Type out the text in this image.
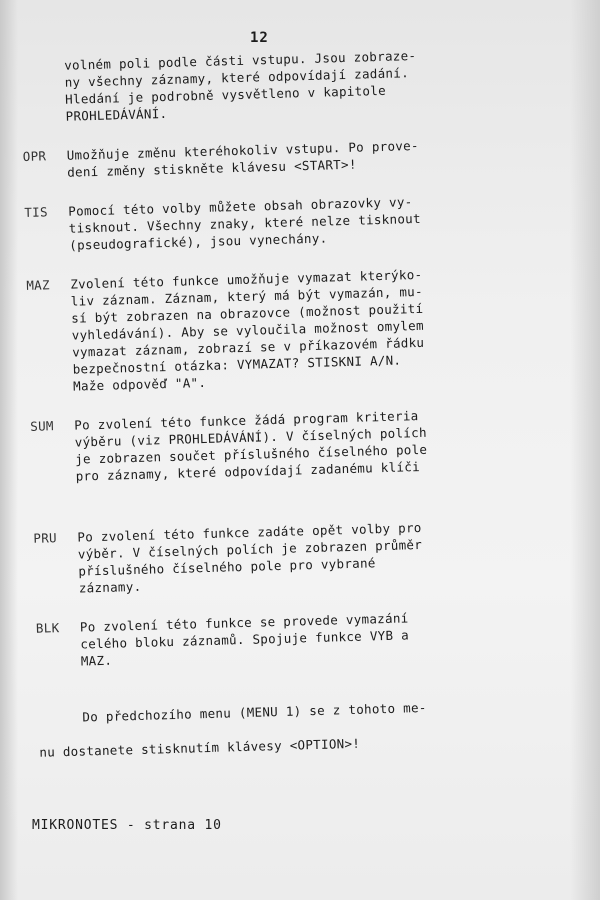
12
volném poli podle části vstupu. Jsou zobraze-
ny všechny záznamy, které odpovídají zadání.
Hledání je podrobně vysvětleno v kapitole
PROHLEDÁVÁNÍ.
OPR	Umožňuje změnu kteréhokoliv vstupu. Po prove-
dení změny stiskněte klávesu <START>!
TIS	Pomocí této volby můžete obsah obrazovky vy-
tisknout. Všechny znaky, které nelze tisknout
(pseudografické), jsou vynechány.
MAZ	Zvolení této funkce umožňuje vymazat kterýko-
liv záznam. Záznam, který má být vymazán, mu-
sí být zobrazen na obrazovce (možnost použití
vyhledávání). Aby se vyloučila možnost omylem
vymazat záznam, zobrazí se v příkazovém řádku
bezpečnostní otázka: VYMAZAT? STISKNI A/N.
Maže odpověď "A".
SUM	Po zvolení této funkce žádá program kriteria
výběru (viz PROHLEDÁVÁNÍ). V číselných polích
je zobrazen součet příslušného číselného pole
pro záznamy, které odpovídají zadanému klíči
PRU	Po zvolení této funkce zadáte opět volby pro
výběr. V číselných polích je zobrazen průměr
příslušného číselného pole pro vybrané
záznamy.
BLK	Po zvolení této funkce se provede vymazání
celého bloku záznamů. Spojuje funkce VYB a
MAZ.

Do předchozího menu (MENU 1) se z tohoto me-

nu dostanete stisknutím klávesy <OPTION>!

MIKRONOTES - strana 10
